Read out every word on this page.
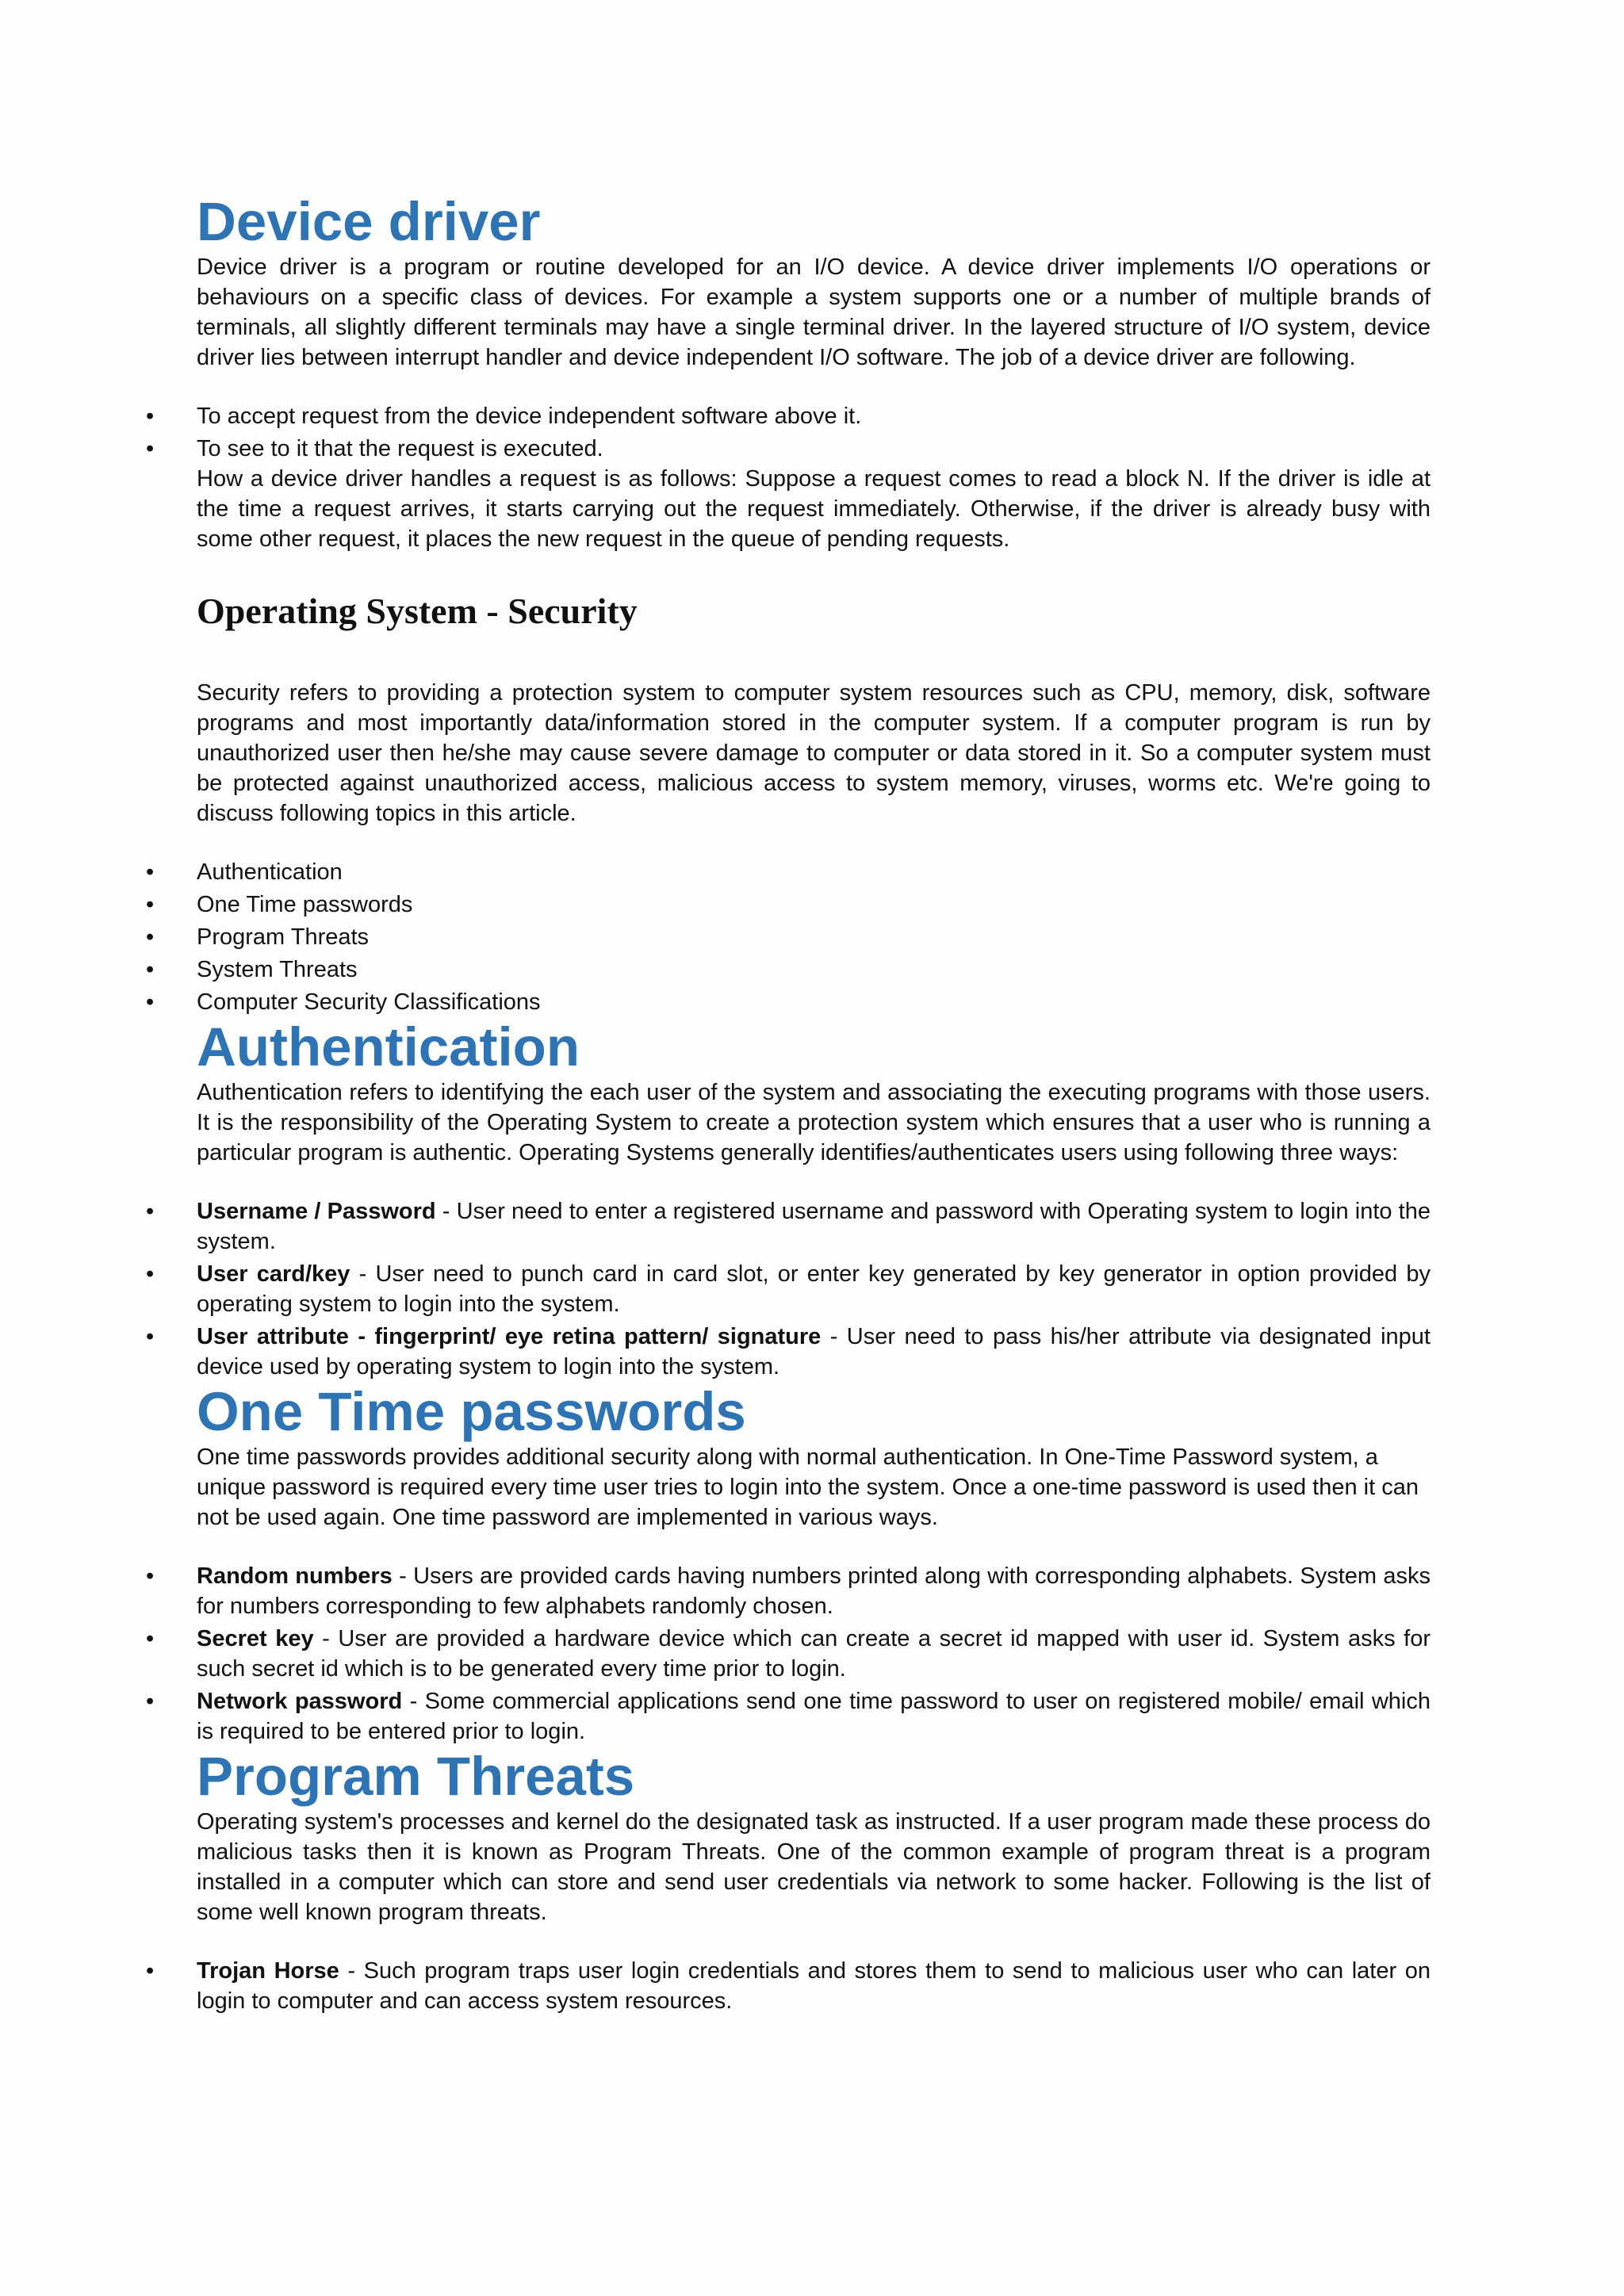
Device driver

Device driver is a program or routine developed for an I/O device. A device driver implements I/O operations or behaviours on a specific class of devices. For example a system supports one or a number of multiple brands of terminals, all slightly different terminals may have a single terminal driver. In the layered structure of I/O system, device driver lies between interrupt handler and device independent I/O software. The job of a device driver are following.

• To accept request from the device independent software above it.
• To see to it that the request is executed.

How a device driver handles a request is as follows: Suppose a request comes to read a block N. If the driver is idle at the time a request arrives, it starts carrying out the request immediately. Otherwise, if the driver is already busy with some other request, it places the new request in the queue of pending requests.

Operating System - Security

Security refers to providing a protection system to computer system resources such as CPU, memory, disk, software programs and most importantly data/information stored in the computer system. If a computer program is run by unauthorized user then he/she may cause severe damage to computer or data stored in it. So a computer system must be protected against unauthorized access, malicious access to system memory, viruses, worms etc. We're going to discuss following topics in this article.

• Authentication
• One Time passwords
• Program Threats
• System Threats
• Computer Security Classifications
Authentication

Authentication refers to identifying the each user of the system and associating the executing programs with those users. It is the responsibility of the Operating System to create a protection system which ensures that a user who is running a particular program is authentic. Operating Systems generally identifies/authenticates users using following three ways:

• Username / Password - User need to enter a registered username and password with Operating system to login into the system.
• User card/key - User need to punch card in card slot, or enter key generated by key generator in option provided by operating system to login into the system.
• User attribute - fingerprint/ eye retina pattern/ signature - User need to pass his/her attribute via designated input device used by operating system to login into the system.
One Time passwords

One time passwords provides additional security along with normal authentication. In One-Time Password system, a unique password is required every time user tries to login into the system. Once a one-time password is used then it can not be used again. One time password are implemented in various ways.

• Random numbers - Users are provided cards having numbers printed along with corresponding alphabets. System asks for numbers corresponding to few alphabets randomly chosen.
• Secret key - User are provided a hardware device which can create a secret id mapped with user id. System asks for such secret id which is to be generated every time prior to login.
• Network password - Some commercial applications send one time password to user on registered mobile/ email which is required to be entered prior to login.
Program Threats

Operating system's processes and kernel do the designated task as instructed. If a user program made these process do malicious tasks then it is known as Program Threats. One of the common example of program threat is a program installed in a computer which can store and send user credentials via network to some hacker. Following is the list of some well known program threats.

• Trojan Horse - Such program traps user login credentials and stores them to send to malicious user who can later on login to computer and can access system resources.
